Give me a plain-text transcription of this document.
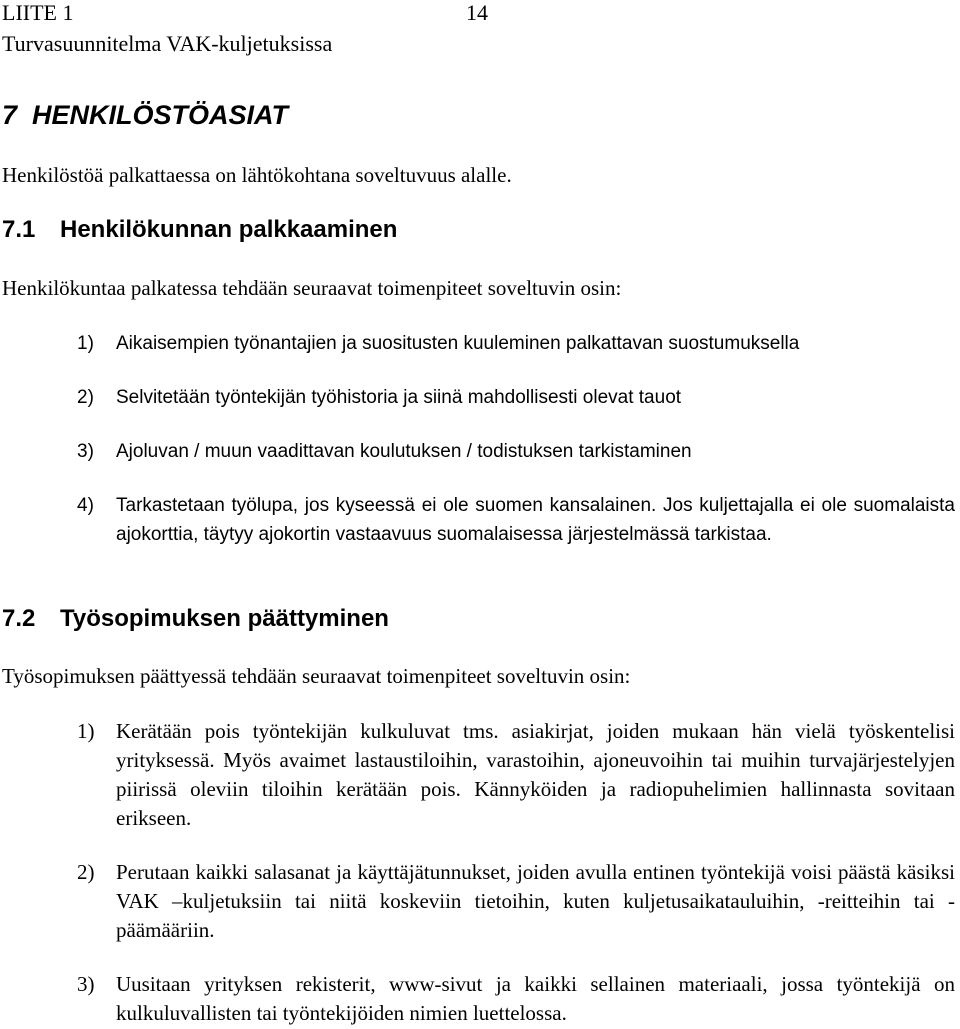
LIITE 1	14
Turvasuunnitelma VAK-kuljetuksissa
7  HENKILÖSTÖASIAT
Henkilöstöä palkattaessa on lähtökohtana soveltuvuus alalle.
7.1 Henkilökunnan palkkaaminen
Henkilökuntaa palkatessa tehdään seuraavat toimenpiteet soveltuvin osin:
1) Aikaisempien työnantajien ja suositusten kuuleminen palkattavan suostumuksella
2) Selvitetään työntekijän työhistoria ja siinä mahdollisesti olevat tauot
3) Ajoluvan / muun vaadittavan koulutuksen / todistuksen tarkistaminen
4) Tarkastetaan työlupa, jos kyseessä ei ole suomen kansalainen. Jos kuljettajalla ei ole suomalaista ajokorttia, täytyy ajokortin vastaavuus suomalaisessa järjestelmässä tarkistaa.
7.2 Työsopimuksen päättyminen
Työsopimuksen päättyessä tehdään seuraavat toimenpiteet soveltuvin osin:
1) Kerätään pois työntekijän kulkuluvat tms. asiakirjat, joiden mukaan hän vielä työskentelisi yrityksessä. Myös avaimet lastaustiloihin, varastoihin, ajoneuvoihin tai muihin turvajärjestelyjen piirissä oleviin tiloihin kerätään pois. Kännyköiden ja radiopuhelimien hallinnasta sovitaan erikseen.
2) Perutaan kaikki salasanat ja käyttäjätunnukset, joiden avulla entinen työntekijä voisi päästä käsiksi VAK –kuljetuksiin tai niitä koskeviin tietoihin, kuten kuljetusaikatauluihin, -reitteihin tai -päämääriin.
3) Uusitaan yrityksen rekisterit, www-sivut ja kaikki sellainen materiaali, jossa työntekijä on kulkuluvallisten tai työntekijöiden nimien luettelossa.
